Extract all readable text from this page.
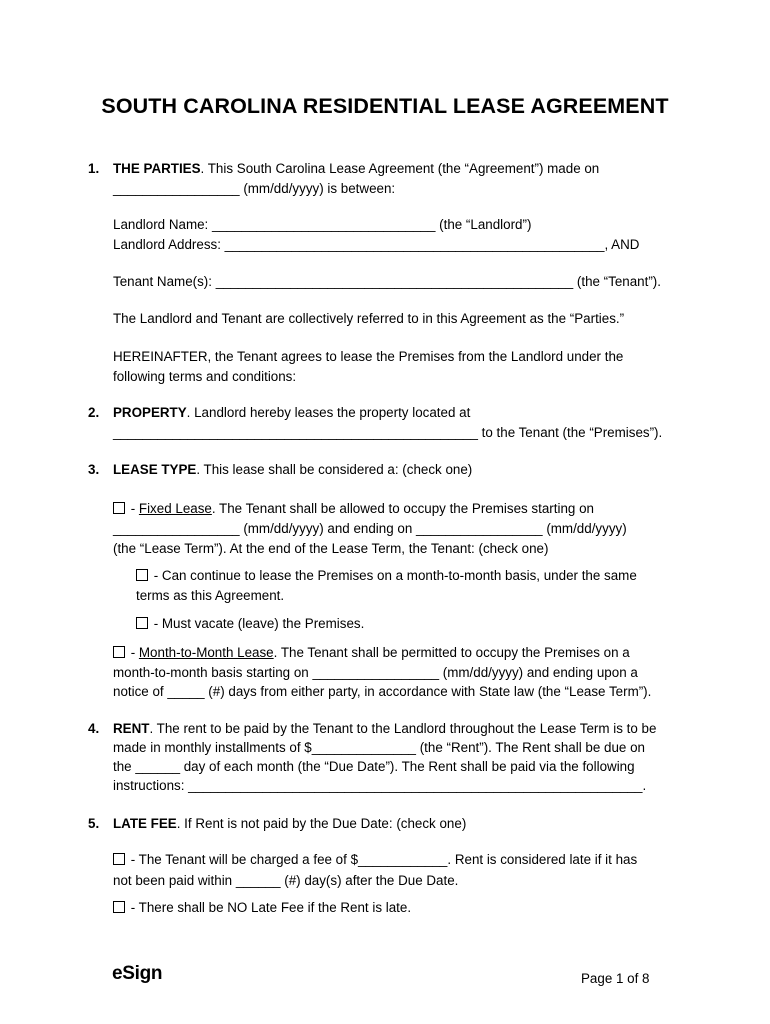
SOUTH CAROLINA RESIDENTIAL LEASE AGREEMENT
1. THE PARTIES. This South Carolina Lease Agreement (the “Agreement”) made on
_________________ (mm/dd/yyyy) is between:
Landlord Name: ______________________________ (the “Landlord”)
Landlord Address: ___________________________________________________, AND
Tenant Name(s): ________________________________________________ (the “Tenant”).
The Landlord and Tenant are collectively referred to in this Agreement as the “Parties.”
HEREINAFTER, the Tenant agrees to lease the Premises from the Landlord under the
following terms and conditions:
2. PROPERTY. Landlord hereby leases the property located at
_________________________________________________ to the Tenant (the “Premises”).
3. LEASE TYPE. This lease shall be considered a: (check one)
- Fixed Lease. The Tenant shall be allowed to occupy the Premises starting on
_________________ (mm/dd/yyyy) and ending on _________________ (mm/dd/yyyy)
(the “Lease Term”). At the end of the Lease Term, the Tenant: (check one)
- Can continue to lease the Premises on a month-to-month basis, under the same
terms as this Agreement.
- Must vacate (leave) the Premises.
- Month-to-Month Lease. The Tenant shall be permitted to occupy the Premises on a
month-to-month basis starting on _________________ (mm/dd/yyyy) and ending upon a
notice of _____ (#) days from either party, in accordance with State law (the “Lease Term”).
4. RENT. The rent to be paid by the Tenant to the Landlord throughout the Lease Term is to be
made in monthly installments of $______________ (the “Rent”). The Rent shall be due on
the ______ day of each month (the “Due Date”). The Rent shall be paid via the following
instructions: _____________________________________________________________.
5. LATE FEE. If Rent is not paid by the Due Date: (check one)
- The Tenant will be charged a fee of $____________. Rent is considered late if it has
not been paid within ______ (#) day(s) after the Due Date.
- There shall be NO Late Fee if the Rent is late.
eSign	Page 1 of 8
